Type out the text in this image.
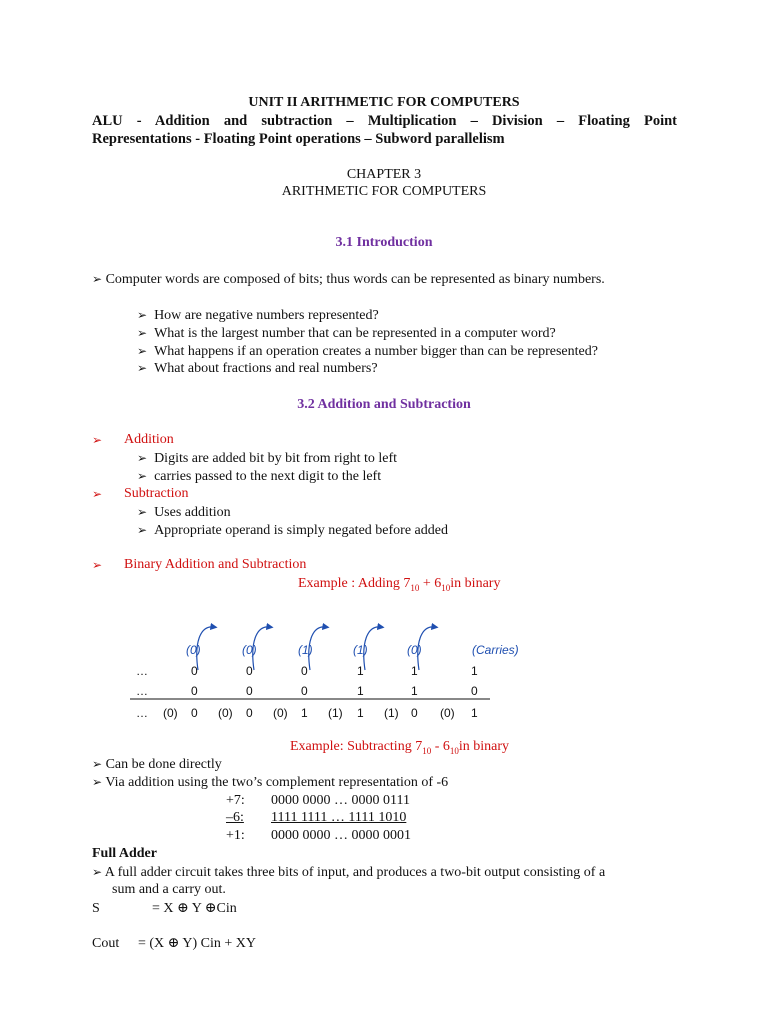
UNIT II ARITHMETIC FOR COMPUTERS
ALU - Addition and subtraction – Multiplication – Division – Floating Point
Representations - Floating Point operations – Subword parallelism
CHAPTER 3
ARITHMETIC FOR COMPUTERS
3.1 Introduction
➢ Computer words are composed of bits; thus words can be represented as binary numbers.
➢ How are negative numbers represented?
➢ What is the largest number that can be represented in a computer word?
➢ What happens if an operation creates a number bigger than can be represented?
➢ What about fractions and real numbers?
3.2 Addition and Subtraction
➢ Addition
➢ Digits are added bit by bit from right to left
➢ carries passed to the next digit to the left
➢ Subtraction
➢ Uses addition
➢ Appropriate operand is simply negated before added
➢ Binary Addition and Subtraction
Example : Adding $7_{10} + 6_{10}in$ binary
(0)	(0)	(1)	(1)	(0)	(Carries)
…	0	0	0	1	1	1
…	0	0	0	1	1	0
… (0) 0 (0) 0 (0) 1 (1) 1 (1) 0 (0) 1
Example: Subtracting $7_{10} - 6_{10}in$ binary
➢ Can be done directly
➢ Via addition using the two’s complement representation of -6
+7: 0000 0000 … 0000 0111
–6: 1111 1111 … 1111 1010
+1: 0000 0000 … 0000 0001
Full Adder
➢ A full adder circuit takes three bits of input, and produces a two-bit output consisting of a
sum and a carry out.
S	= X ⊕ Y ⊕Cin
Cout = (X ⊕ Y) Cin + XY
